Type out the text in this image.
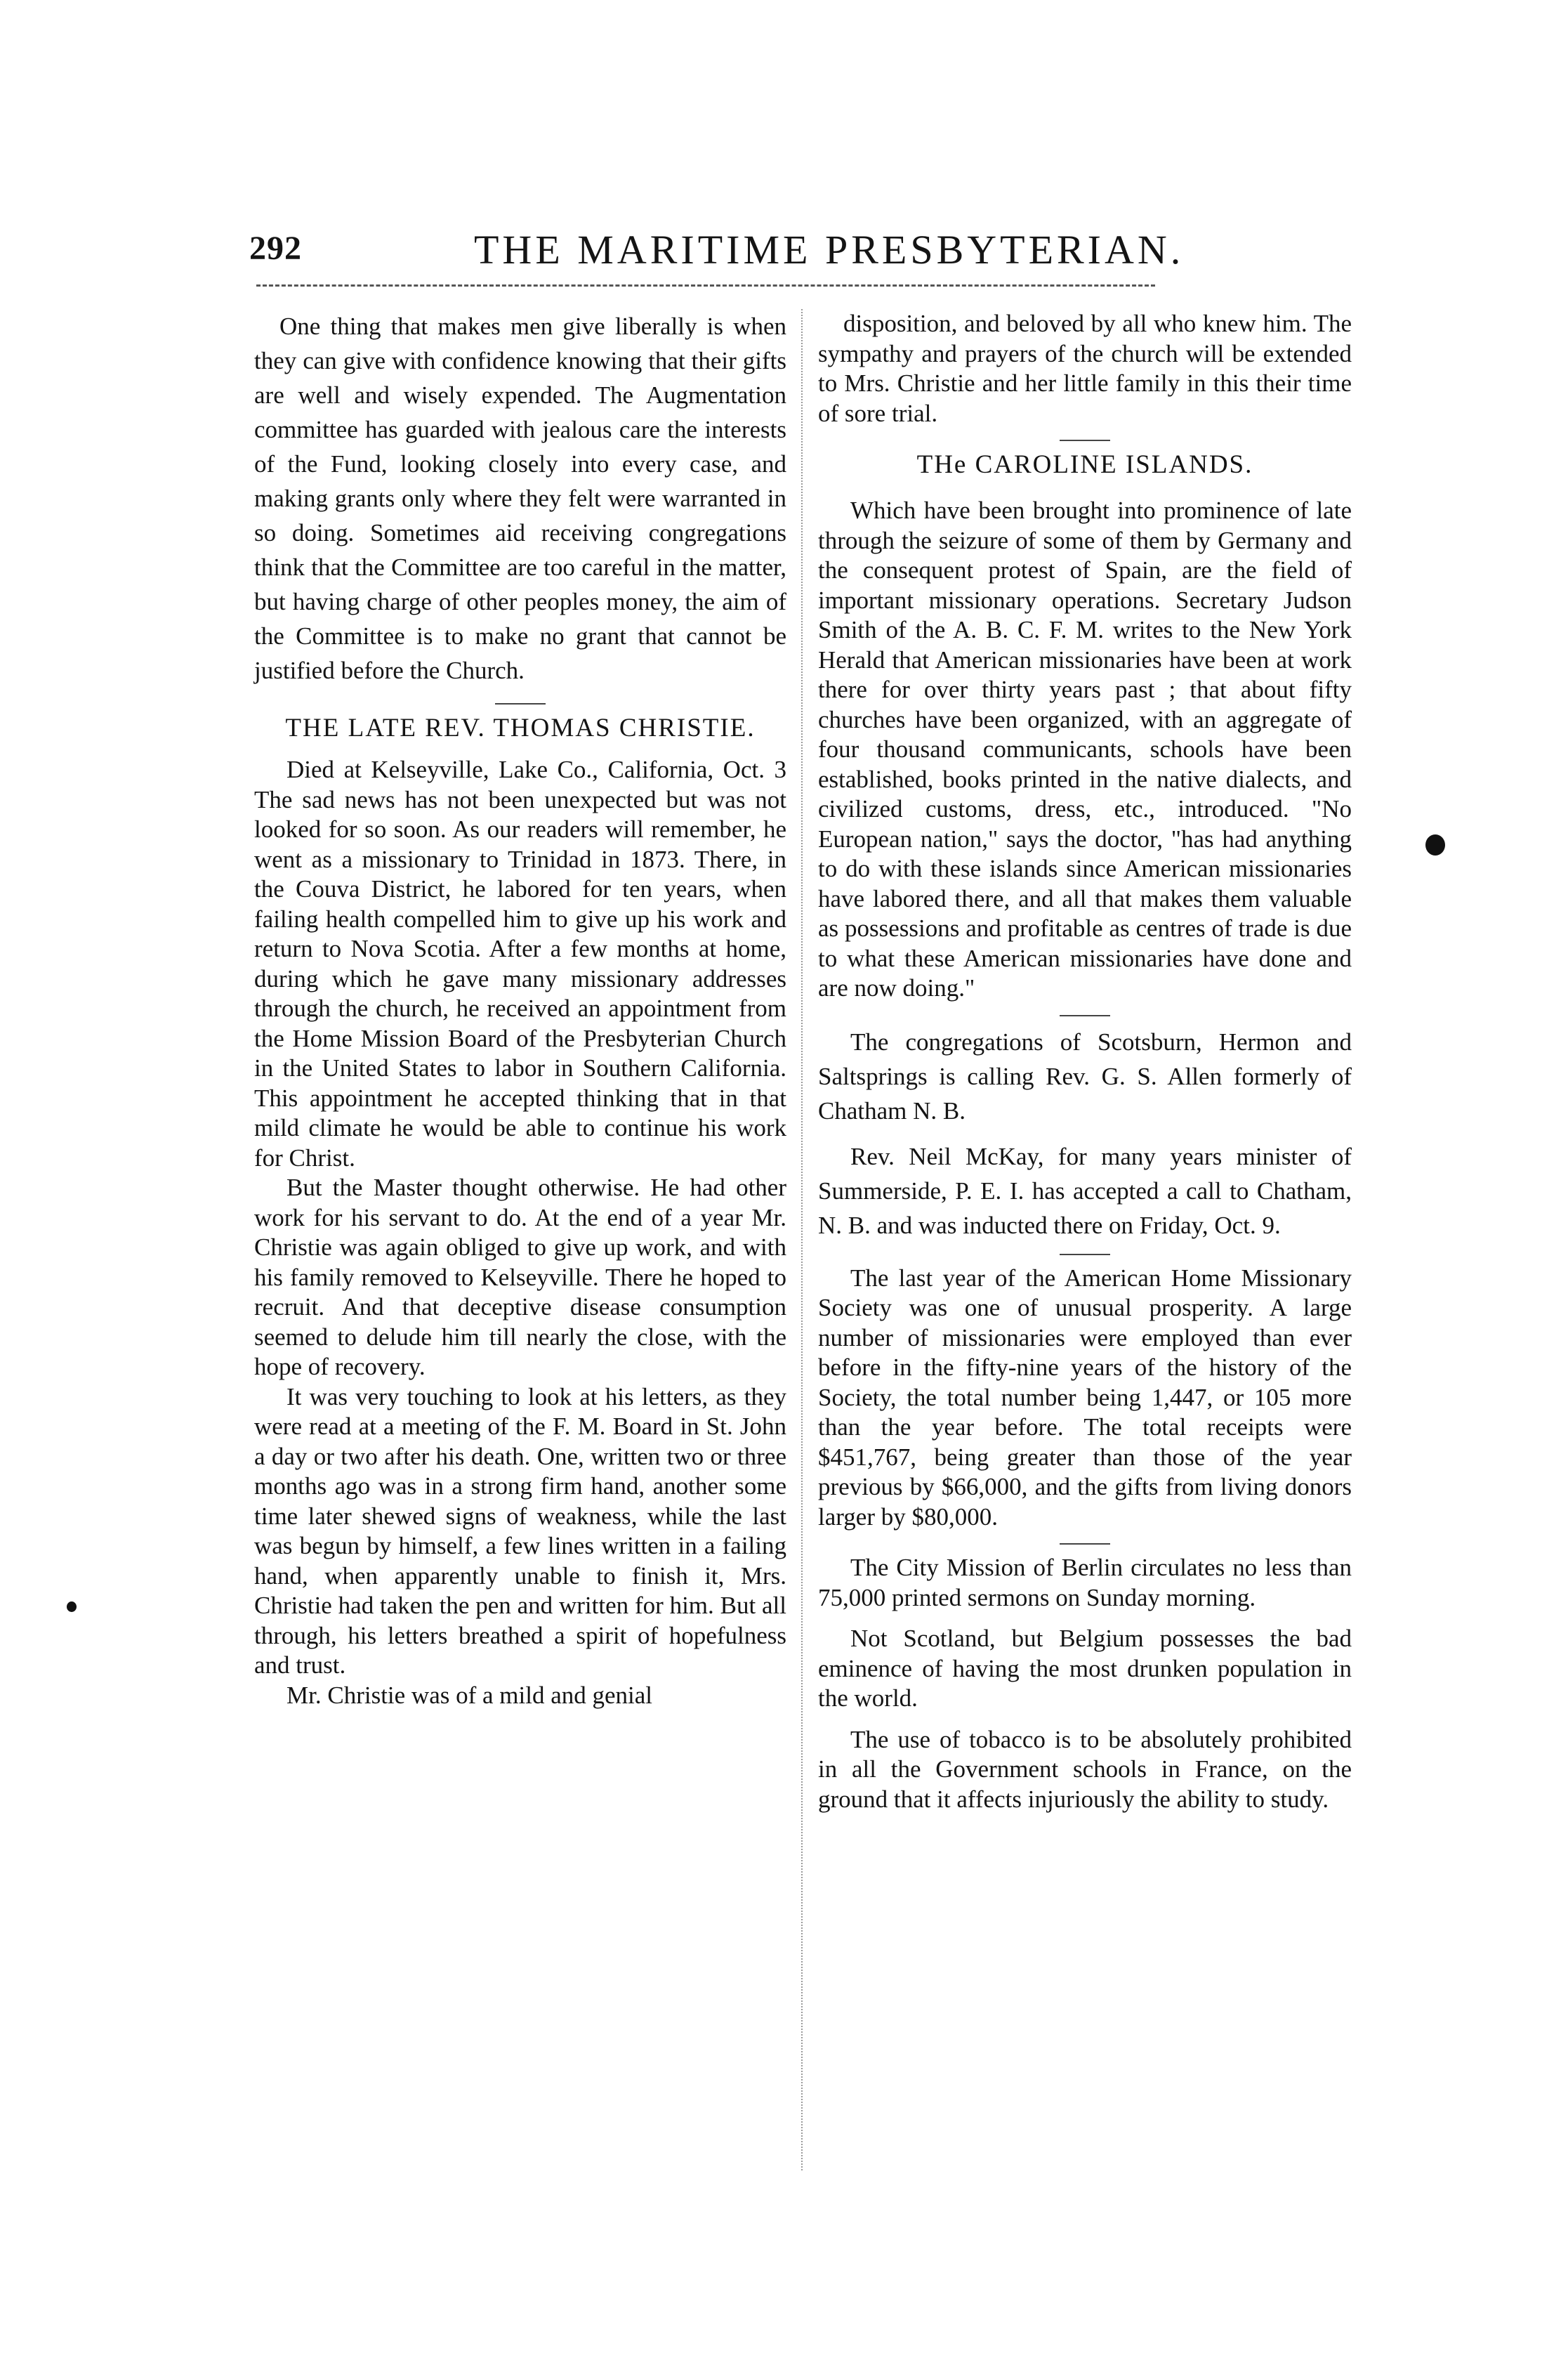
292	THE MARITIME PRESBYTERIAN.

One thing that makes men give liberally is when they can give with confidence knowing that their gifts are well and wisely expended. The Augmentation committee has guarded with jealous care the interests of the Fund, looking closely into every case, and making grants only where they felt were warranted in so doing. Sometimes aid receiving congregations think that the Committee are too careful in the matter, but having charge of other peoples money, the aim of the Committee is to make no grant that cannot be justified before the Church.

THE LATE REV. THOMAS CHRISTIE.

Died at Kelseyville, Lake Co., California, Oct. 3 The sad news has not been unexpected but was not looked for so soon. As our readers will remember, he went as a missionary to Trinidad in 1873. There, in the Couva District, he labored for ten years, when failing health compelled him to give up his work and return to Nova Scotia. After a few months at home, during which he gave many missionary addresses through the church, he received an appointment from the Home Mission Board of the Presbyterian Church in the United States to labor in Southern California. This appointment he accepted thinking that in that mild climate he would be able to continue his work for Christ.

But the Master thought otherwise. He had other work for his servant to do. At the end of a year Mr. Christie was again obliged to give up work, and with his family removed to Kelseyville. There he hoped to recruit. And that deceptive disease consumption seemed to delude him till nearly the close, with the hope of recovery.

It was very touching to look at his letters, as they were read at a meeting of the F. M. Board in St. John a day or two after his death. One, written two or three months ago was in a strong firm hand, another some time later shewed signs of weakness, while the last was begun by himself, a few lines written in a failing hand, when apparently unable to finish it, Mrs. Christie had taken the pen and written for him. But all through, his letters breathed a spirit of hopefulness and trust.

Mr. Christie was of a mild and genial

disposition, and beloved by all who knew him. The sympathy and prayers of the church will be extended to Mrs. Christie and her little family in this their time of sore trial.

THe CAROLINE ISLANDS.

Which have been brought into prominence of late through the seizure of some of them by Germany and the consequent protest of Spain, are the field of important missionary operations. Secretary Judson Smith of the A. B. C. F. M. writes to the New York Herald that American missionaries have been at work there for over thirty years past ; that about fifty churches have been organized, with an aggregate of four thousand communicants, schools have been established, books printed in the native dialects, and civilized customs, dress, etc., introduced. "No European nation," says the doctor, "has had anything to do with these islands since American missionaries have labored there, and all that makes them valuable as possessions and profitable as centres of trade is due to what these American missionaries have done and are now doing."

The congregations of Scotsburn, Hermon and Saltsprings is calling Rev. G. S. Allen formerly of Chatham N. B.

Rev. Neil McKay, for many years minister of Summerside, P. E. I. has accepted a call to Chatham, N. B. and was inducted there on Friday, Oct. 9.

The last year of the American Home Missionary Society was one of unusual prosperity. A large number of missionaries were employed than ever before in the fifty-nine years of the history of the Society, the total number being 1,447, or 105 more than the year before. The total receipts were $451,767, being greater than those of the year previous by $66,000, and the gifts from living donors larger by $80,000.

The City Mission of Berlin circulates no less than 75,000 printed sermons on Sunday morning.

Not Scotland, but Belgium possesses the bad eminence of having the most drunken population in the world.

The use of tobacco is to be absolutely prohibited in all the Government schools in France, on the ground that it affects injuriously the ability to study.
